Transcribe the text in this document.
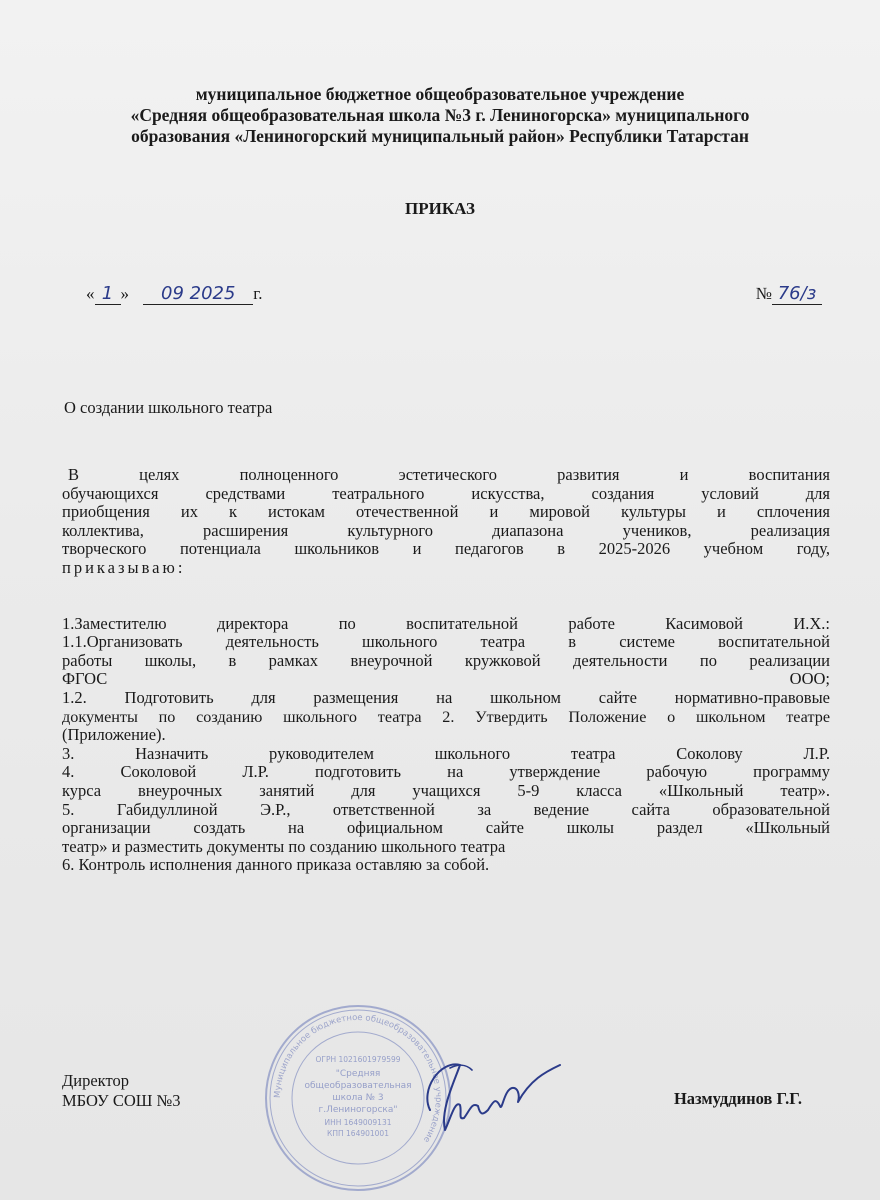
муниципальное бюджетное общеобразовательное учреждение
«Средняя общеобразовательная школа №3 г. Лениногорска» муниципального
образования «Лениногорский муниципальный район» Республики Татарстан
ПРИКАЗ
« 1 » 09 2025 г.	№ 76/з
О создании школьного театра

В целях полноценного эстетического развития и воспитания

обучающихся средствами театрального искусства, создания условий для

приобщения их к истокам отечественной и мировой культуры и сплочения

коллектива, расширения культурного диапазона учеников, реализация

творческого потенциала школьников и педагогов в 2025-2026 учебном году,

приказываю:

1.Заместителю директора по воспитательной работе Касимовой И.Х.:

1.1.Организовать деятельность школьного театра в системе воспитательной

работы школы, в рамках внеурочной кружковой деятельности по реализации

ФГОС ООО;

1.2. Подготовить для размещения на школьном сайте нормативно-правовые

документы по созданию школьного театра 2. Утвердить Положение о школьном театре

(Приложение).

3. Назначить руководителем школьного театра Соколову Л.Р.

4. Соколовой Л.Р. подготовить на утверждение рабочую программу

курса внеурочных занятий для учащихся 5-9 класса «Школьный театр».

5. Габидуллиной Э.Р., ответственной за ведение сайта образовательной

организации создать на официальном сайте школы раздел «Школьный

театр» и разместить документы по созданию школьного театра

6. Контроль исполнения данного приказа оставляю за собой.

Муниципальное бюджетное общеобразовательное учреждение
ОГРН 1021601979599
"Средняя
общеобразовательная
школа № 3
г.Лениногорска"
ИНН 1649009131
КПП 164901001
Директор
МБОУ СОШ №3	Назмуддинов Г.Г.
